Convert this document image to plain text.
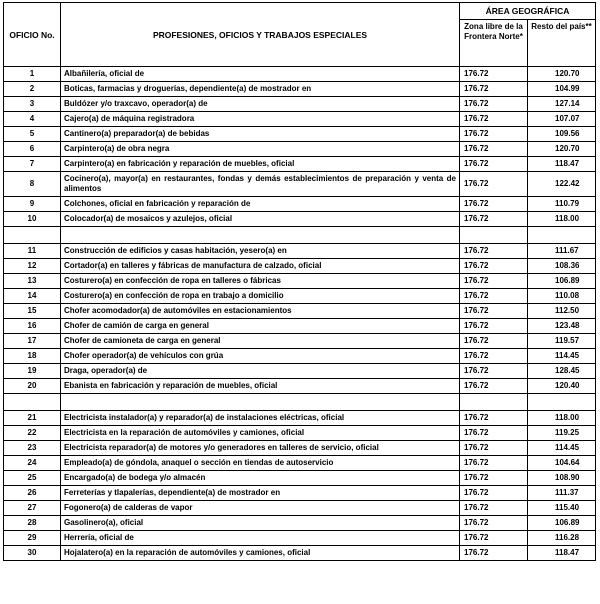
OFICIO No.	PROFESIONES, OFICIOS Y TRABAJOS ESPECIALES	ÁREA GEOGRÁFICA	
		Zona libre de la Frontera Norte*	Resto del país**
1	Albañilería, oficial de	176.72	120.70
2	Boticas, farmacias y droguerías, dependiente(a) de mostrador en	176.72	104.99
3	Buldózer y/o traxcavo, operador(a) de	176.72	127.14
4	Cajero(a) de máquina registradora	176.72	107.07
5	Cantinero(a) preparador(a) de bebidas	176.72	109.56
6	Carpintero(a) de obra negra	176.72	120.70
7	Carpintero(a) en fabricación y reparación de muebles, oficial	176.72	118.47
8	Cocinero(a), mayor(a) en restaurantes, fondas y demás establecimientos de preparación y venta de alimentos	176.72	122.42
9	Colchones, oficial en fabricación y reparación de	176.72	110.79
10	Colocador(a) de mosaicos y azulejos, oficial	176.72	118.00

11	Construcción de edificios y casas habitación, yesero(a) en	176.72	111.67
12	Cortador(a) en talleres y fábricas de manufactura de calzado, oficial	176.72	108.36
13	Costurero(a) en confección de ropa en talleres o fábricas	176.72	106.89
14	Costurero(a) en confección de ropa en trabajo a domicilio	176.72	110.08
15	Chofer acomodador(a) de automóviles en estacionamientos	176.72	112.50
16	Chofer de camión de carga en general	176.72	123.48
17	Chofer de camioneta de carga en general	176.72	119.57
18	Chofer operador(a) de vehículos con grúa	176.72	114.45
19	Draga, operador(a) de	176.72	128.45
20	Ebanista en fabricación y reparación de muebles, oficial	176.72	120.40

21	Electricista instalador(a) y reparador(a) de instalaciones eléctricas, oficial	176.72	118.00
22	Electricista en la reparación de automóviles y camiones, oficial	176.72	119.25
23	Electricista reparador(a) de motores y/o generadores en talleres de servicio, oficial	176.72	114.45
24	Empleado(a) de góndola, anaquel o sección en tiendas de autoservicio	176.72	104.64
25	Encargado(a) de bodega y/o almacén	176.72	108.90
26	Ferreterías y tlapalerías, dependiente(a) de mostrador en	176.72	111.37
27	Fogonero(a) de calderas de vapor	176.72	115.40
28	Gasolinero(a), oficial	176.72	106.89
29	Herrería, oficial de	176.72	116.28
30	Hojalatero(a) en la reparación de automóviles y camiones, oficial	176.72	118.47
